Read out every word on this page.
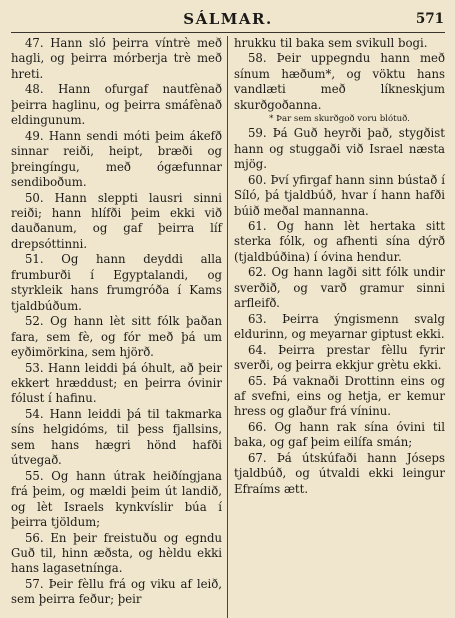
SÁLMAR.	571

47. Hann sló þeirra víntrè með hagli, og þeirra mórberja trè með hreti.

48. Hann ofurgaf nautfènað þeirra haglinu, og þeirra smáfènað eldingunum.

49. Hann sendi móti þeim ákefð sinnar reiði, heipt, bræði og þreingíngu, með ógæfunnar sendiboðum.

50. Hann sleppti lausri sinni reiði; hann hlífði þeim ekki við dauðanum, og gaf þeirra líf drepsóttinni.

51. Og hann deyddi alla frumburði í Egyptalandi, og styrkleik hans frumgróða í Kams tjaldbúðum.

52. Og hann lèt sitt fólk þaðan fara, sem fè, og fór með þá um eyðimörkina, sem hjörð.

53. Hann leiddi þá óhult, að þeir ekkert hræddust; en þeirra óvinir fólust í hafinu.

54. Hann leiddi þá til takmarka síns helgidóms, til þess fjallsins, sem hans hægri hönd hafði útvegað.

55. Og hann útrak heiðíngjana frá þeim, og mældi þeim út landið, og lèt Israels kynkvíslir búa í þeirra tjöldum;

56. En þeir freistuðu og egndu Guð til, hinn æðsta, og hèldu ekki hans lagasetnínga.

57. Þeir fèllu frá og viku af leið, sem þeirra feður; þeir

hrukku til baka sem svikull bogi.

58. Þeir uppegndu hann með sínum hæðum*, og vöktu hans vandlæti með líkneskjum skurðgoðanna.

* Þar sem skurðgoð voru blótuð.

59. Þá Guð heyrði það, stygðist hann og stuggaði við Israel næsta mjög.

60. Því yfirgaf hann sinn bústað í Síló, þá tjaldbúð, hvar í hann hafði búið meðal mannanna.

61. Og hann lèt hertaka sitt sterka fólk, og afhenti sína dýrð (tjaldbúðina) í óvina hendur.

62. Og hann lagði sitt fólk undir sverðið, og varð gramur sinni arfleifð.

63. Þeirra ýngismenn svalg eldurinn, og meyarnar giptust ekki.

64. Þeirra prestar fèllu fyrir sverði, og þeirra ekkjur grètu ekki.

65. Þá vaknaði Drottinn eins og af svefni, eins og hetja, er kemur hress og glaður frá víninu.

66. Og hann rak sína óvini til baka, og gaf þeim eilífa smán;

67. Þá útskúfaði hann Jóseps tjaldbúð, og útvaldi ekki leingur Efraíms ætt.
